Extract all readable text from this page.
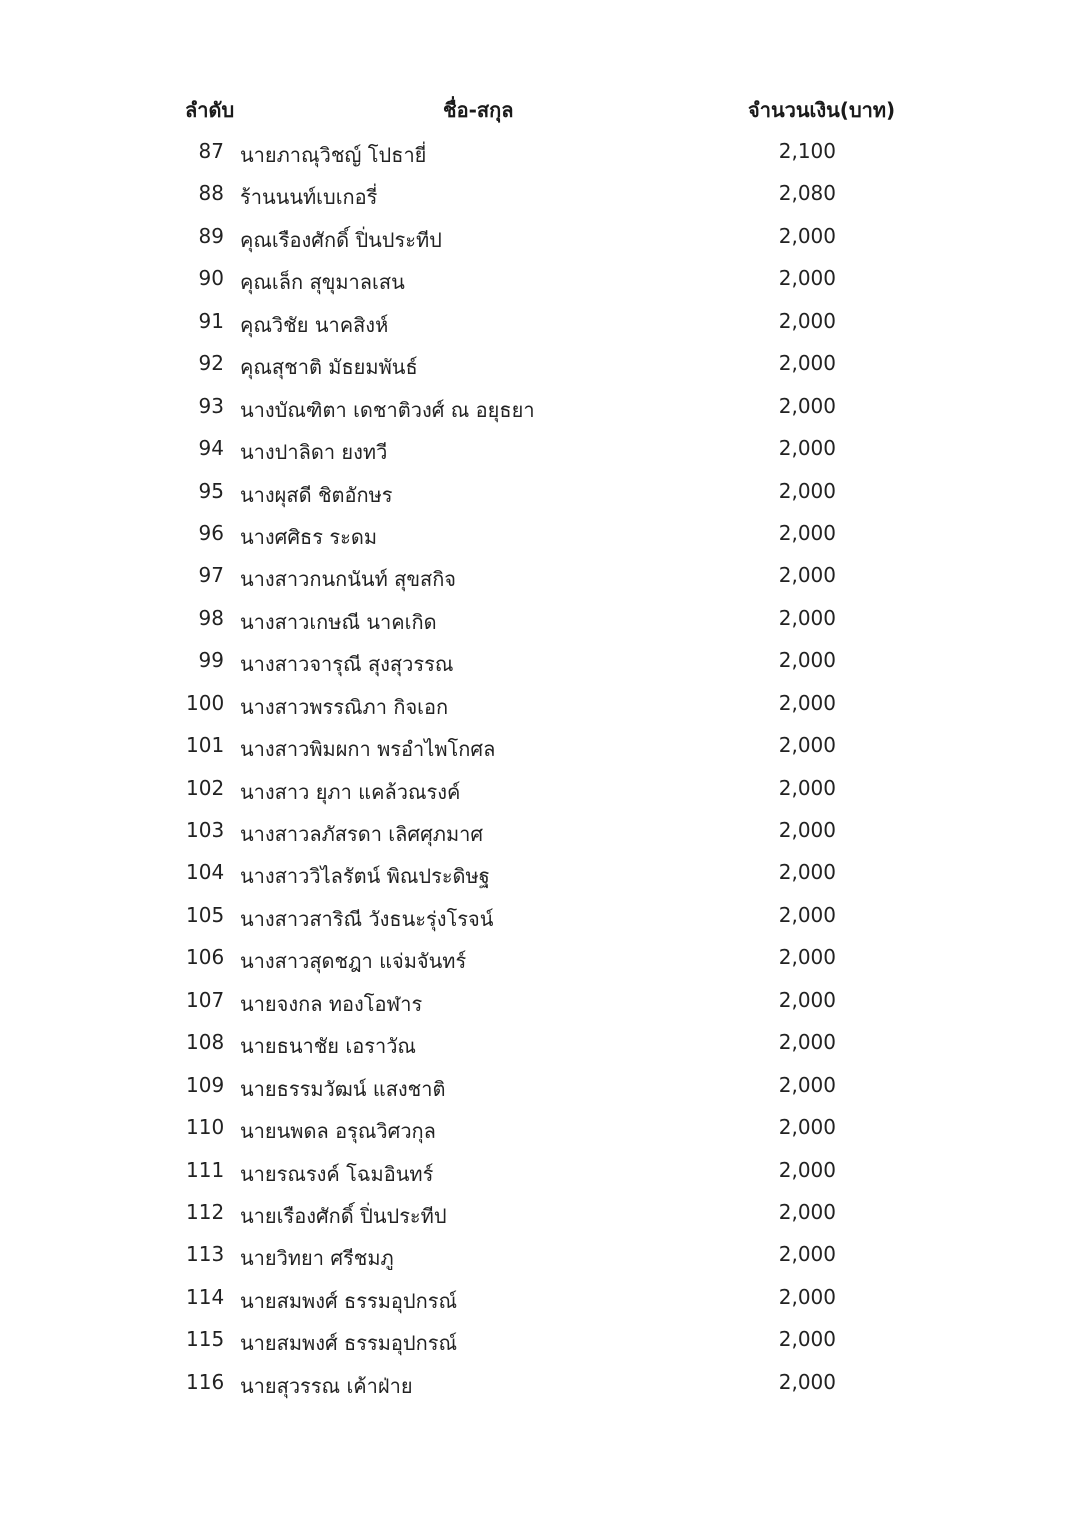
ลำดับ	ชื่อ-สกุล	จำนวนเงิน(บาท)
87 นายภาณุวิชญ์ โปธายี่	2,100
88 ร้านนนท์เบเกอรี่	2,080
89 คุณเรืองศักดิ์ ปิ่นประทีป	2,000
90 คุณเล็ก สุขุมาลเสน	2,000
91 คุณวิชัย นาคสิงห์	2,000
92 คุณสุชาติ มัธยมพันธ์	2,000
93 นางบัณฑิตา เดชาติวงศ์ ณ อยุธยา	2,000
94 นางปาลิดา ยงทวี	2,000
95 นางผุสดี ชิตอักษร	2,000
96 นางศศิธร ระดม	2,000
97 นางสาวกนกนันท์ สุขสกิจ	2,000
98 นางสาวเกษณี นาคเกิด	2,000
99 นางสาวจารุณี สุงสุวรรณ	2,000
100 นางสาวพรรณิภา กิจเอก	2,000
101 นางสาวพิมผกา พรอำไพโกศล	2,000
102 นางสาว ยุภา แคล้วณรงค์	2,000
103 นางสาวลภัสรดา เลิศศุภมาศ	2,000
104 นางสาววิไลรัตน์ พิณประดิษฐ	2,000
105 นางสาวสาริณี วังธนะรุ่งโรจน์	2,000
106 นางสาวสุดชฎา แจ่มจันทร์	2,000
107 นายจงกล ทองโอฬาร	2,000
108 นายธนาชัย เอราวัณ	2,000
109 นายธรรมวัฒน์ แสงชาติ	2,000
110 นายนพดล อรุณวิศวกุล	2,000
111 นายรณรงค์ โฉมอินทร์	2,000
112 นายเรืองศักดิ์ ปิ่นประทีป	2,000
113 นายวิทยา ศรีชมภู	2,000
114 นายสมพงศ์ ธรรมอุปกรณ์	2,000
115 นายสมพงศ์ ธรรมอุปกรณ์	2,000
116 นายสุวรรณ เค้าฝ่าย	2,000
